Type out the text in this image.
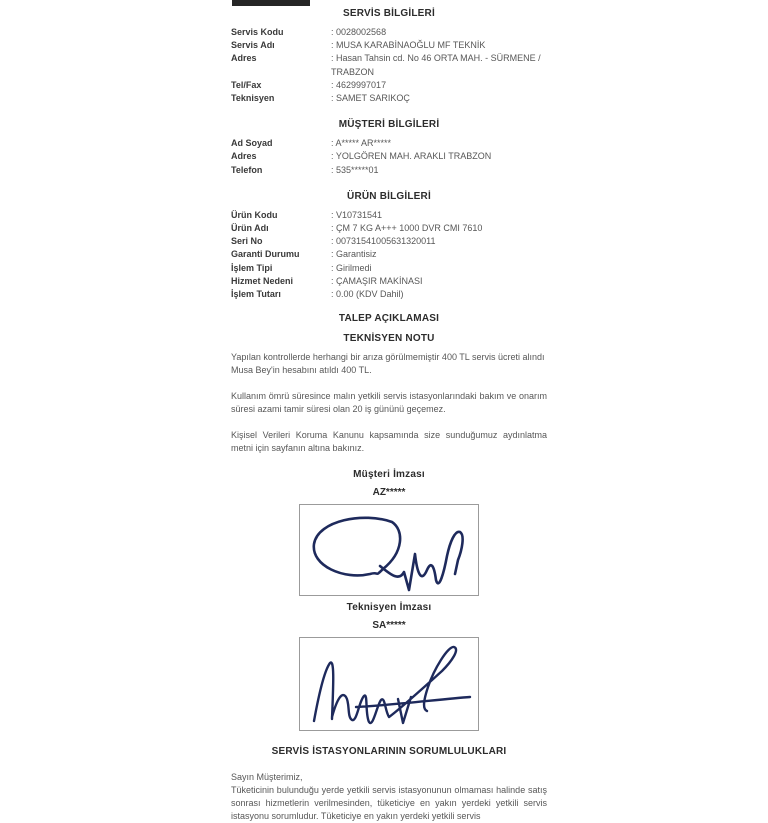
SERVİS BİLGİLERİ
Servis Kodu	: 0028002568
Servis Adı	: MUSA KARABİNAOĞLU MF TEKNİK
Adres	: Hasan Tahsin cd. No 46 ORTA MAH. - SÜRMENE / TRABZON
Tel/Fax	: 4629997017
Teknisyen	: SAMET SARIKOÇ
MÜŞTERİ BİLGİLERİ
Ad Soyad	: A***** AR*****
Adres	: YOLGÖREN MAH. ARAKLI TRABZON
Telefon	: 535*****01
ÜRÜN BİLGİLERİ
Ürün Kodu	: V10731541
Ürün Adı	: ÇM 7 KG A+++ 1000 DVR CMI 7610
Seri No	: 00731541005631320011
Garanti Durumu	: Garantisiz
İşlem Tipi	: Girilmedi
Hizmet Nedeni	: ÇAMAŞIR MAKİNASI
İşlem Tutarı	: 0.00 (KDV Dahil)
TALEP AÇIKLAMASI
TEKNİSYEN NOTU

Yapılan kontrollerde herhangi bir arıza görülmemiştir 400 TL servis ücreti alındı Musa Bey'in hesabını atıldı 400 TL.

Kullanım ömrü süresince malın yetkili servis istasyonlarındaki bakım ve onarım süresi azami tamir süresi olan 20 iş gününü geçemez.

Kişisel Verileri Koruma Kanunu kapsamında size sunduğumuz aydınlatma metni için sayfanın altına bakınız.

Müşteri İmzası
AZ*****
Teknisyen İmzası
SA*****
SERVİS İSTASYONLARININ SORUMLULUKLARI

Sayın Müşterimiz,

Tüketicinin bulunduğu yerde yetkili servis istasyonunun olmaması halinde satış sonrası hizmetlerin verilmesinden, tüketiciye en yakın yerdeki yetkili servis istasyonu sorumludur. Tüketiciye en yakın yerdeki yetkili servis
